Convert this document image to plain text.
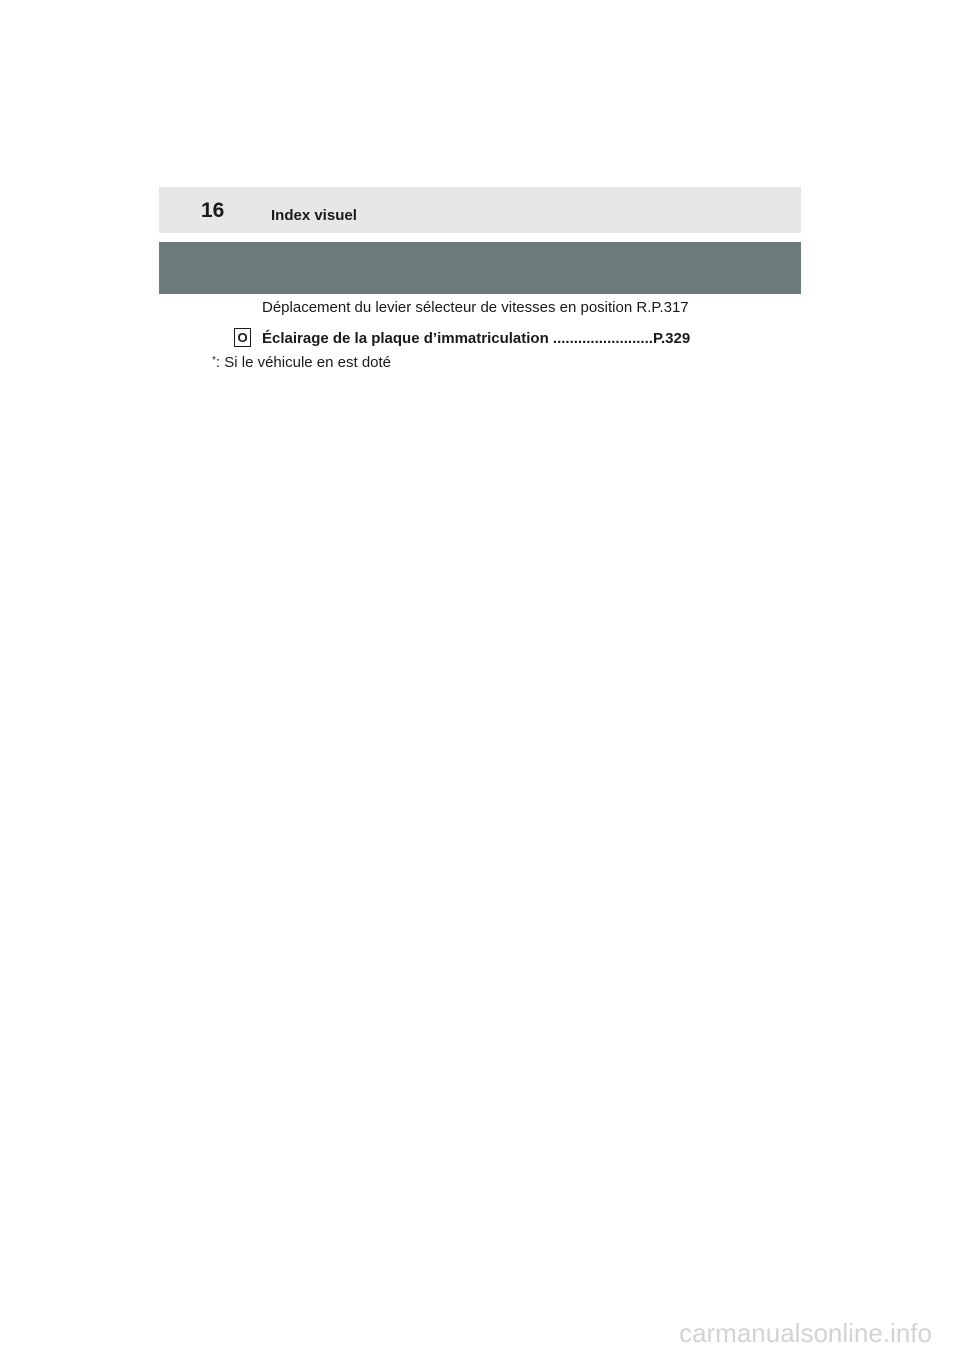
16	Index visuel
Déplacement du levier sélecteur de vitesses en position R.P.317
O Éclairage de la plaque d’immatriculation ........................P.329
*: Si le véhicule en est doté
carmanualsonline.info
